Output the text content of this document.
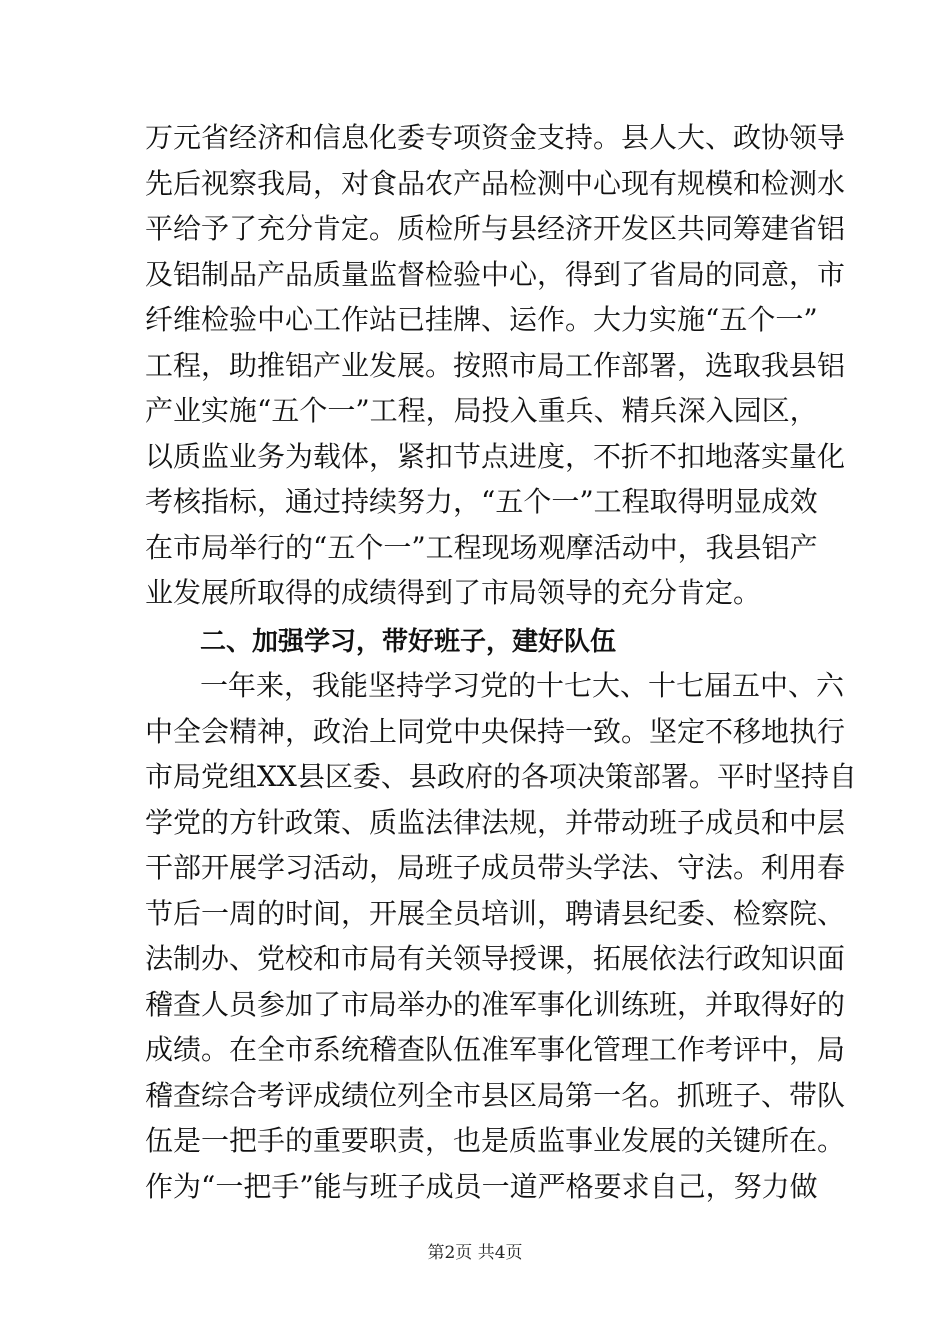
万元省经济和信息化委专项资金支持。县人大、政协领导
先后视察我局，对食品农产品检测中心现有规模和检测水
平给予了充分肯定。质检所与县经济开发区共同筹建省铝
及铝制品产品质量监督检验中心，得到了省局的同意，市
纤维检验中心工作站已挂牌、运作。大力实施“五个一”
工程，助推铝产业发展。按照市局工作部署，选取我县铝
产业实施“五个一”工程，局投入重兵、精兵深入园区，
以质监业务为载体，紧扣节点进度，不折不扣地落实量化
考核指标，通过持续努力，“五个一”工程取得明显成效
在市局举行的“五个一”工程现场观摩活动中，我县铝产
业发展所取得的成绩得到了市局领导的充分肯定。
二、加强学习，带好班子，建好队伍
一年来，我能坚持学习党的十七大、十七届五中、六
中全会精神，政治上同党中央保持一致。坚定不移地执行
市局党组XX县区委、县政府的各项决策部署。平时坚持自
学党的方针政策、质监法律法规，并带动班子成员和中层
干部开展学习活动，局班子成员带头学法、守法。利用春
节后一周的时间，开展全员培训，聘请县纪委、检察院、
法制办、党校和市局有关领导授课，拓展依法行政知识面
稽查人员参加了市局举办的准军事化训练班，并取得好的
成绩。在全市系统稽查队伍准军事化管理工作考评中，局
稽查综合考评成绩位列全市县区局第一名。抓班子、带队
伍是一把手的重要职责，也是质监事业发展的关键所在。
作为“一把手”能与班子成员一道严格要求自己，努力做
第2页 共4页
